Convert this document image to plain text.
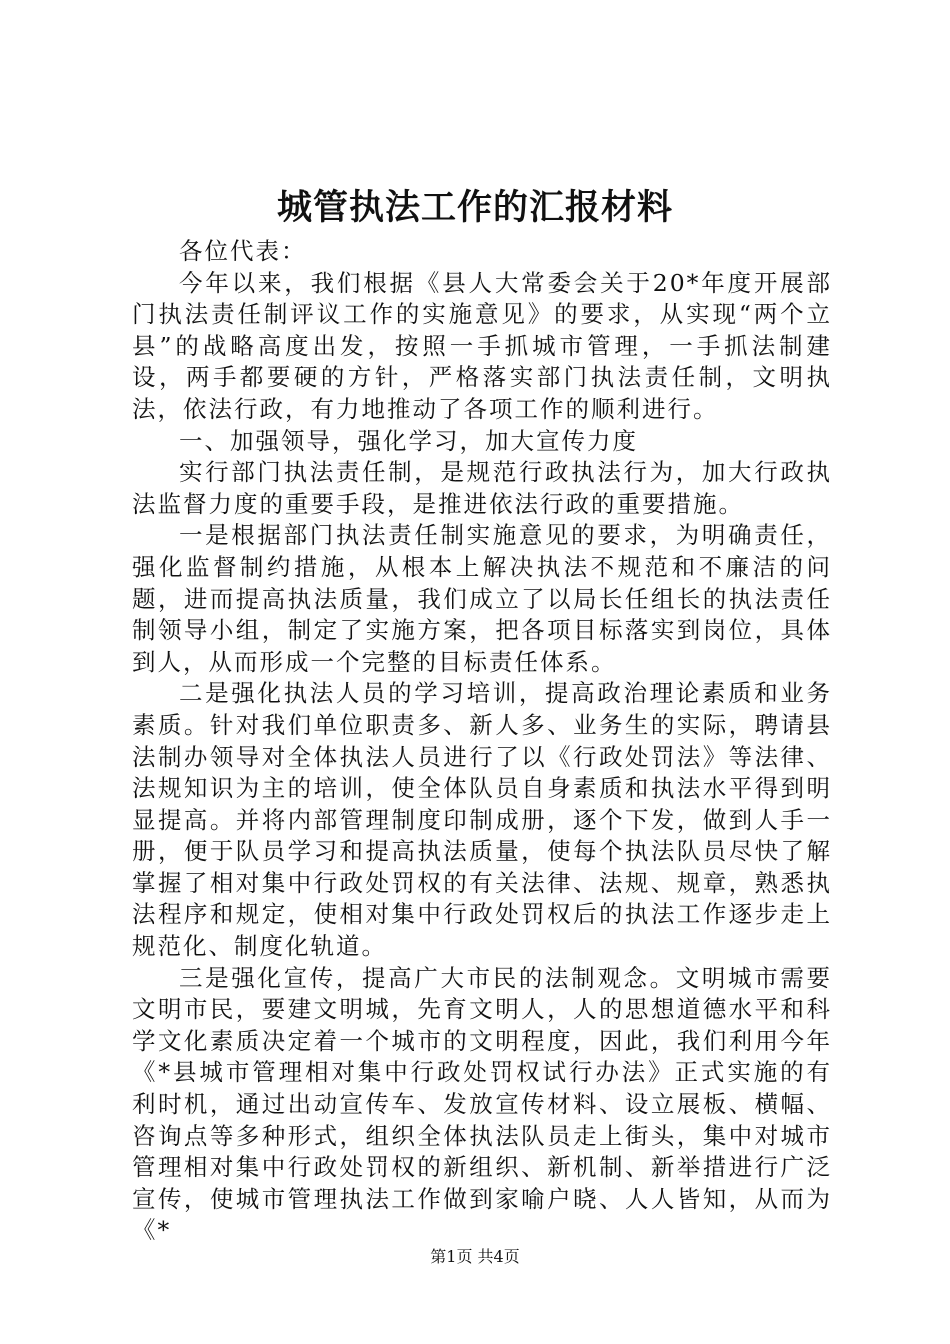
城管执法工作的汇报材料

各位代表：

今年以来，我们根据《县人大常委会关于20*年度开展部门执法责任制评议工作的实施意见》的要求，从实现“两个立县”的战略高度出发，按照一手抓城市管理，一手抓法制建设，两手都要硬的方针，严格落实部门执法责任制，文明执法，依法行政，有力地推动了各项工作的顺利进行。

一、加强领导，强化学习，加大宣传力度

实行部门执法责任制，是规范行政执法行为，加大行政执法监督力度的重要手段，是推进依法行政的重要措施。

一是根据部门执法责任制实施意见的要求，为明确责任，强化监督制约措施，从根本上解决执法不规范和不廉洁的问题，进而提高执法质量，我们成立了以局长任组长的执法责任制领导小组，制定了实施方案，把各项目标落实到岗位，具体到人，从而形成一个完整的目标责任体系。

二是强化执法人员的学习培训，提高政治理论素质和业务素质。针对我们单位职责多、新人多、业务生的实际，聘请县法制办领导对全体执法人员进行了以《行政处罚法》等法律、法规知识为主的培训，使全体队员自身素质和执法水平得到明显提高。并将内部管理制度印制成册，逐个下发，做到人手一册，便于队员学习和提高执法质量，使每个执法队员尽快了解掌握了相对集中行政处罚权的有关法律、法规、规章，熟悉执法程序和规定，使相对集中行政处罚权后的执法工作逐步走上规范化、制度化轨道。

三是强化宣传，提高广大市民的法制观念。文明城市需要文明市民，要建文明城，先育文明人，人的思想道德水平和科学文化素质决定着一个城市的文明程度，因此，我们利用今年《*县城市管理相对集中行政处罚权试行办法》正式实施的有利时机，通过出动宣传车、发放宣传材料、设立展板、横幅、咨询点等多种形式，组织全体执法队员走上街头，集中对城市管理相对集中行政处罚权的新组织、新机制、新举措进行广泛宣传，使城市管理执法工作做到家喻户晓、人人皆知，从而为《*

第1页 共4页
